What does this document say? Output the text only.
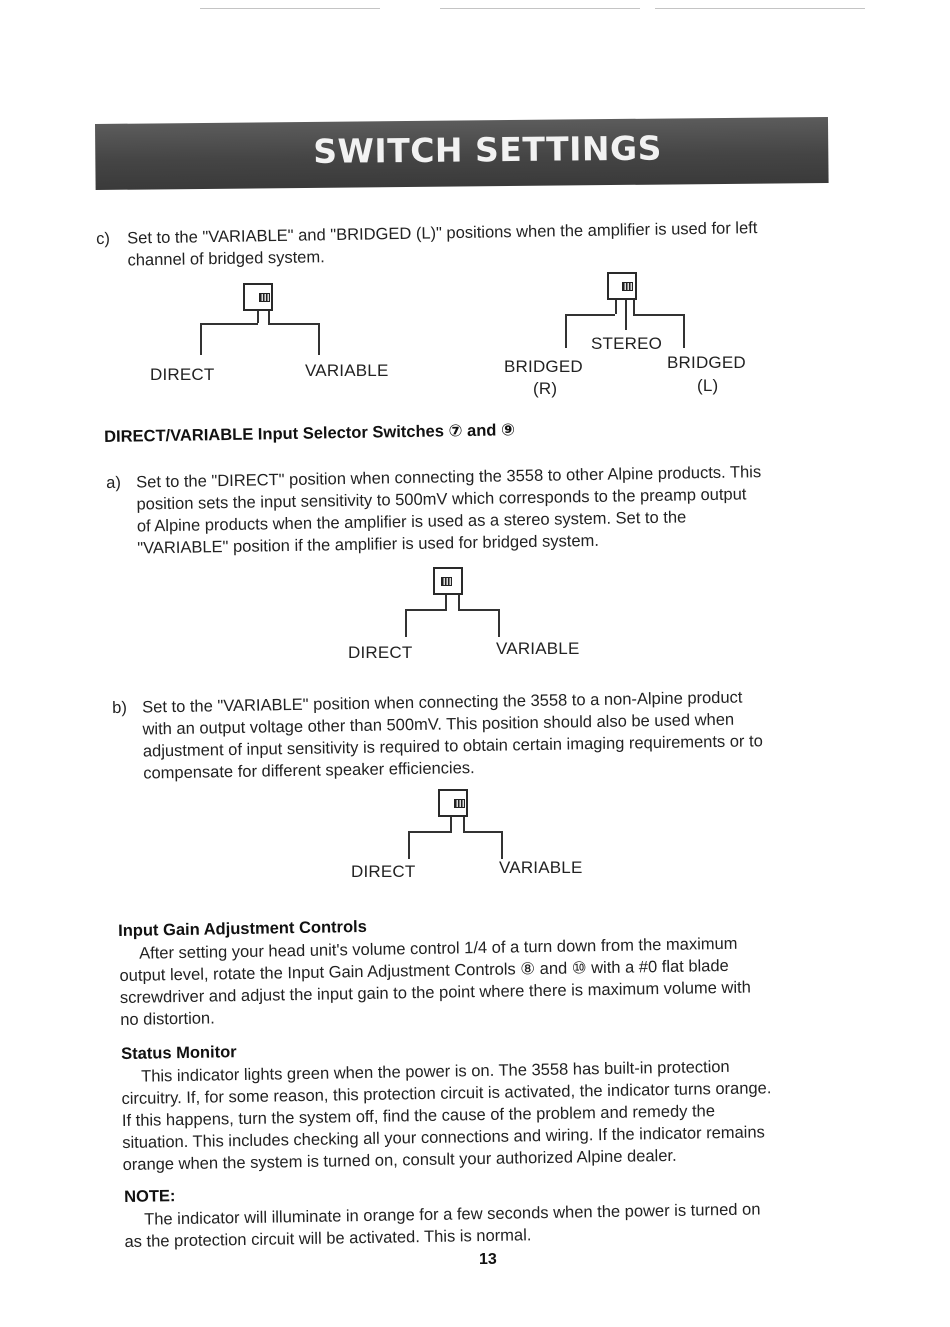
SWITCH SETTINGS
c) Set to the "VARIABLE" and "BRIDGED (L)" positions when the amplifier is used for left
channel of bridged system.
DIRECT	VARIABLE
STEREO
BRIDGED
(R)
BRIDGED
(L)
DIRECT/VARIABLE Input Selector Switches ⑦ and ⑨
a) Set to the "DIRECT" position when connecting the 3558 to other Alpine products. This
position sets the input sensitivity to 500mV which corresponds to the preamp output
of Alpine products when the amplifier is used as a stereo system. Set to the
"VARIABLE" position if the amplifier is used for bridged system.
DIRECT	VARIABLE
b) Set to the "VARIABLE" position when connecting the 3558 to a non-Alpine product
with an output voltage other than 500mV. This position should also be used when
adjustment of input sensitivity is required to obtain certain imaging requirements or to
compensate for different speaker efficiencies.
DIRECT	VARIABLE
Input Gain Adjustment Controls
After setting your head unit's volume control 1/4 of a turn down from the maximum
output level, rotate the Input Gain Adjustment Controls ⑧ and ⑩ with a #0 flat blade
screwdriver and adjust the input gain to the point where there is maximum volume with
no distortion.
Status Monitor
This indicator lights green when the power is on. The 3558 has built-in protection
circuitry. If, for some reason, this protection circuit is activated, the indicator turns orange.
If this happens, turn the system off, find the cause of the problem and remedy the
situation. This includes checking all your connections and wiring. If the indicator remains
orange when the system is turned on, consult your authorized Alpine dealer.
NOTE:
The indicator will illuminate in orange for a few seconds when the power is turned on
as the protection circuit will be activated. This is normal.
13
